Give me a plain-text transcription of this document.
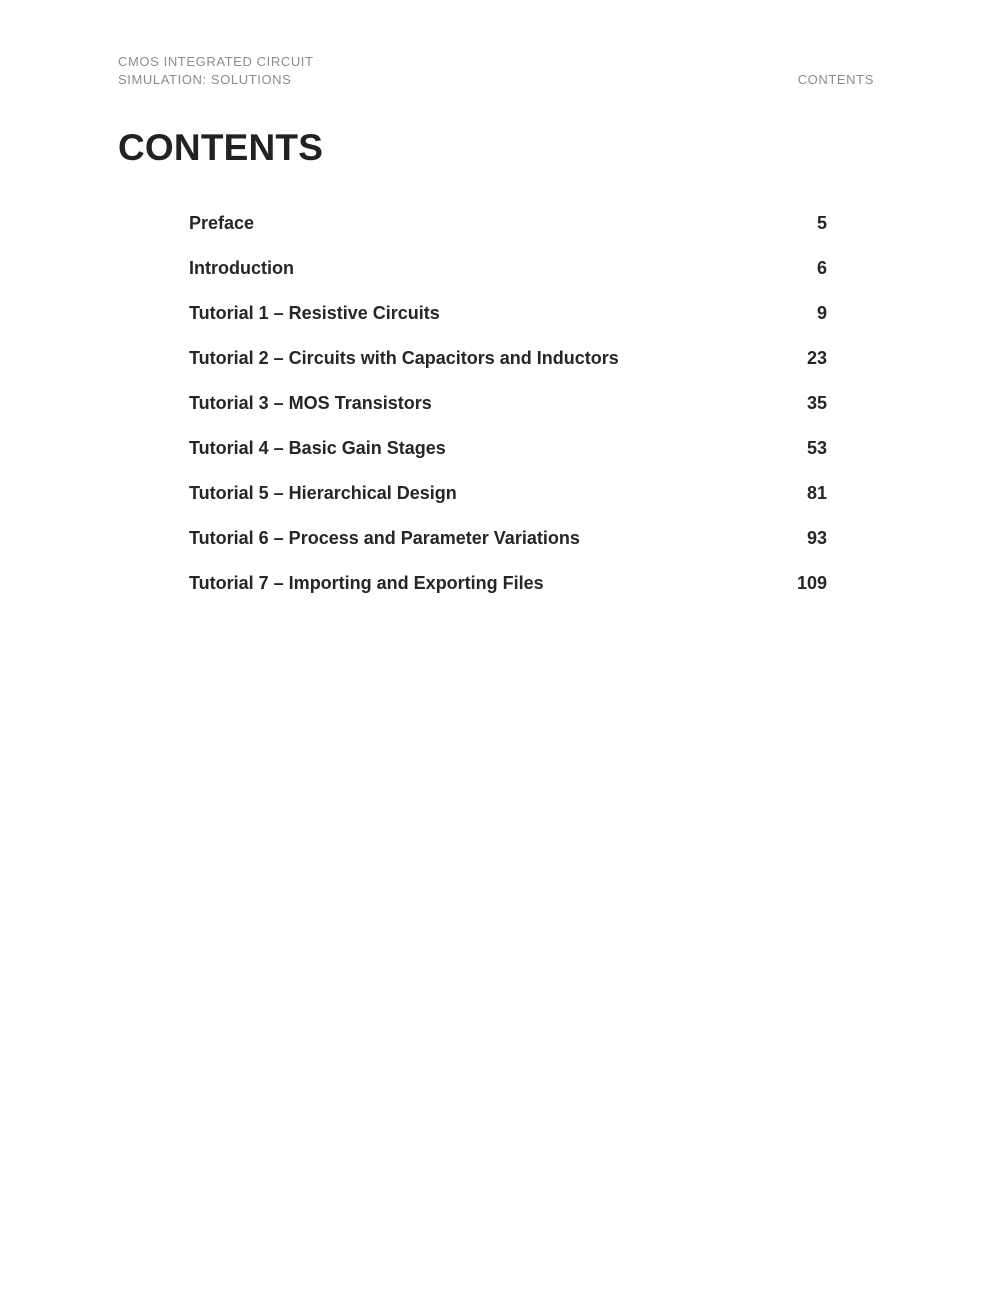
CMOS INTEGRATED CIRCUIT
SIMULATION: SOLUTIONS	CONTENTS
CONTENTS
Preface	5
Introduction	6
Tutorial 1 – Resistive Circuits	9
Tutorial 2 – Circuits with Capacitors and Inductors	23
Tutorial 3 – MOS Transistors	35
Tutorial 4 – Basic Gain Stages	53
Tutorial 5 – Hierarchical Design	81
Tutorial 6 – Process and Parameter Variations	93
Tutorial 7 – Importing and Exporting Files	109
